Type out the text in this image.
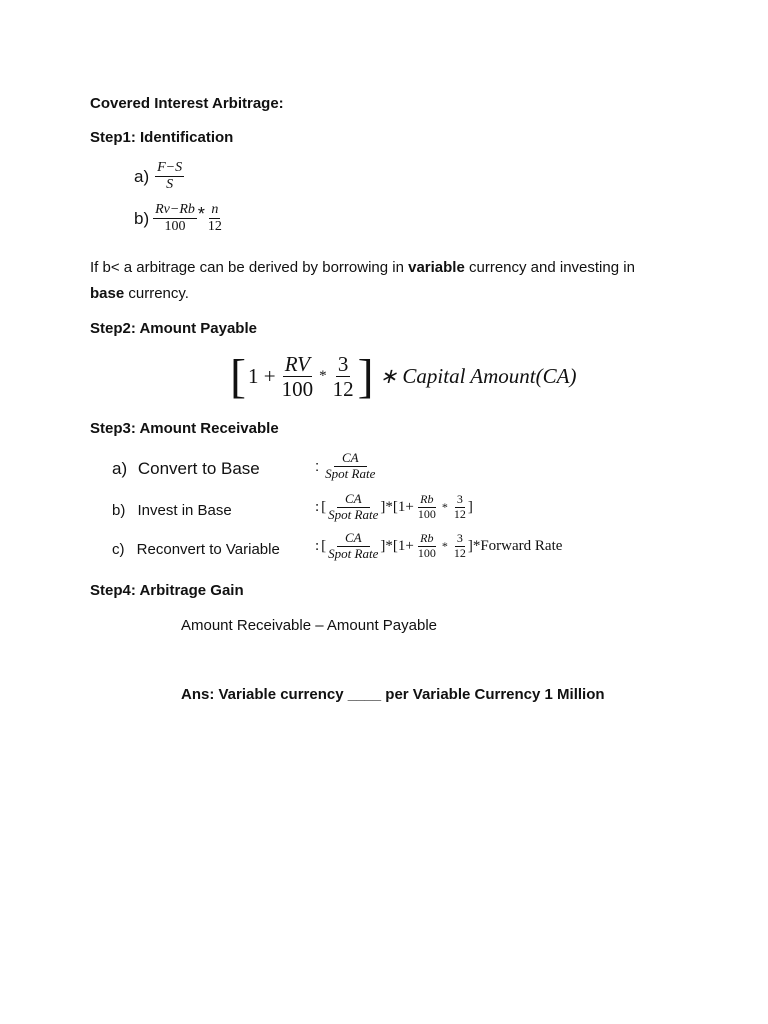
Covered Interest Arbitrage:
Step1: Identification
$a) \frac{F-S}{S}$
$b) \frac{Rv-Rb}{100} * \frac{n}{12}$
If b< a arbitrage can be derived by borrowing in variable currency and investing in
base currency.
Step2: Amount Payable
[ $1 + \frac{RV}{100} * \frac{3}{12}$ ] ∗ Capital Amount(CA)
Step3: Amount Receivable
a) Convert to Base	: $\frac{CA}{\text{Spot Rate}}$
b) Invest in Base	: [ $\frac{CA}{\text{Spot Rate}}$ ] $*[1+ \frac{Rb}{100} * \frac{3}{12}$ ]
c) Reconvert to Variable : [ $\frac{CA}{\text{Spot Rate}}$ ] $*[1+ \frac{Rb}{100} * \frac{3}{12}$ ] *Forward Rate
Step4: Arbitrage Gain
Amount Receivable – Amount Payable
Ans: Variable currency ____ per Variable Currency 1 Million
